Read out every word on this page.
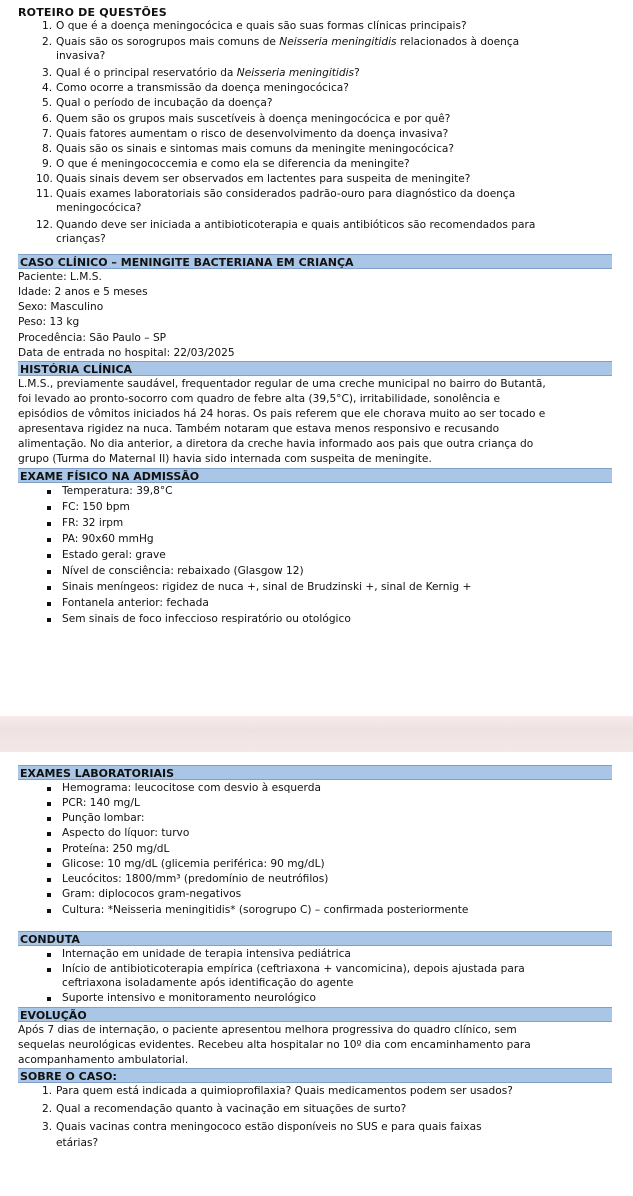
ROTEIRO DE QUESTÕES
1. O que é a doença meningocócica e quais são suas formas clínicas principais?
2. Quais são os sorogrupos mais comuns de Neisseria meningitidis relacionados à doença
invasiva?
3. Qual é o principal reservatório da Neisseria meningitidis?
4. Como ocorre a transmissão da doença meningocócica?
5. Qual o período de incubação da doença?
6. Quem são os grupos mais suscetíveis à doença meningocócica e por quê?
7. Quais fatores aumentam o risco de desenvolvimento da doença invasiva?
8. Quais são os sinais e sintomas mais comuns da meningite meningocócica?
9. O que é meningococcemia e como ela se diferencia da meningite?
10. Quais sinais devem ser observados em lactentes para suspeita de meningite?
11. Quais exames laboratoriais são considerados padrão-ouro para diagnóstico da doença
meningocócica?
12. Quando deve ser iniciada a antibioticoterapia e quais antibióticos são recomendados para
crianças?
CASO CLÍNICO – MENINGITE BACTERIANA EM CRIANÇA
Paciente: L.M.S.
Idade: 2 anos e 5 meses
Sexo: Masculino
Peso: 13 kg
Procedência: São Paulo – SP
Data de entrada no hospital: 22/03/2025
HISTÓRIA CLÍNICA
L.M.S., previamente saudável, frequentador regular de uma creche municipal no bairro do Butantã,
foi levado ao pronto-socorro com quadro de febre alta (39,5°C), irritabilidade, sonolência e
episódios de vômitos iniciados há 24 horas. Os pais referem que ele chorava muito ao ser tocado e
apresentava rigidez na nuca. Também notaram que estava menos responsivo e recusando
alimentação. No dia anterior, a diretora da creche havia informado aos pais que outra criança do
grupo (Turma do Maternal II) havia sido internada com suspeita de meningite.
EXAME FÍSICO NA ADMISSÃO
Temperatura: 39,8°C
FC: 150 bpm
FR: 32 irpm
PA: 90x60 mmHg
Estado geral: grave
Nível de consciência: rebaixado (Glasgow 12)
Sinais meníngeos: rigidez de nuca +, sinal de Brudzinski +, sinal de Kernig +
Fontanela anterior: fechada
Sem sinais de foco infeccioso respiratório ou otológico
EXAMES LABORATORIAIS
Hemograma: leucocitose com desvio à esquerda
PCR: 140 mg/L
Punção lombar:
Aspecto do líquor: turvo
Proteína: 250 mg/dL
Glicose: 10 mg/dL (glicemia periférica: 90 mg/dL)
Leucócitos: 1800/mm³ (predomínio de neutrófilos)
Gram: diplococos gram-negativos
Cultura: *Neisseria meningitidis* (sorogrupo C) – confirmada posteriormente
CONDUTA
Internação em unidade de terapia intensiva pediátrica
Início de antibioticoterapia empírica (ceftriaxona + vancomicina), depois ajustada para
ceftriaxona isoladamente após identificação do agente
Suporte intensivo e monitoramento neurológico
EVOLUÇÃO
Após 7 dias de internação, o paciente apresentou melhora progressiva do quadro clínico, sem
sequelas neurológicas evidentes. Recebeu alta hospitalar no 10º dia com encaminhamento para
acompanhamento ambulatorial.
SOBRE O CASO:
1. Para quem está indicada a quimioprofilaxia? Quais medicamentos podem ser usados?
2. Qual a recomendação quanto à vacinação em situações de surto?
3. Quais vacinas contra meningococo estão disponíveis no SUS e para quais faixas
etárias?
